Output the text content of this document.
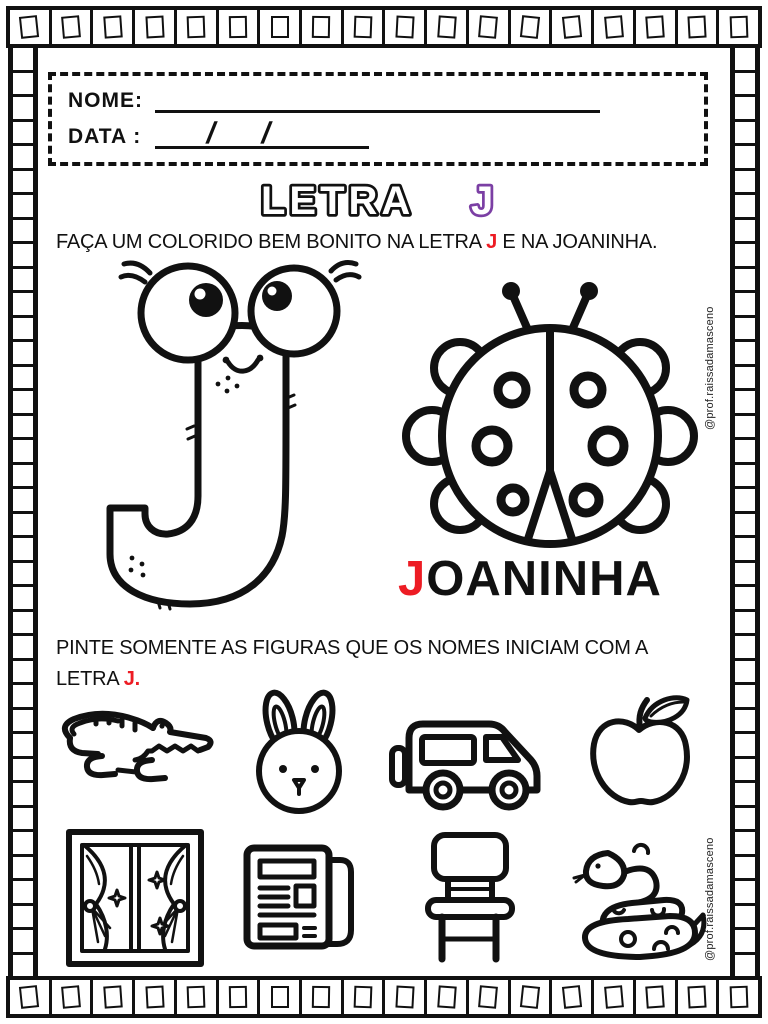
NOME:
DATA : / /
LETRA J

FAÇA UM COLORIDO BEM BONITO NA LETRA J E NA JOANINHA.

JOANINHA

PINTE SOMENTE AS FIGURAS QUE OS NOMES INICIAM COM A
LETRA J.

@prof.raissadamasceno
@prof.raissadamasceno
